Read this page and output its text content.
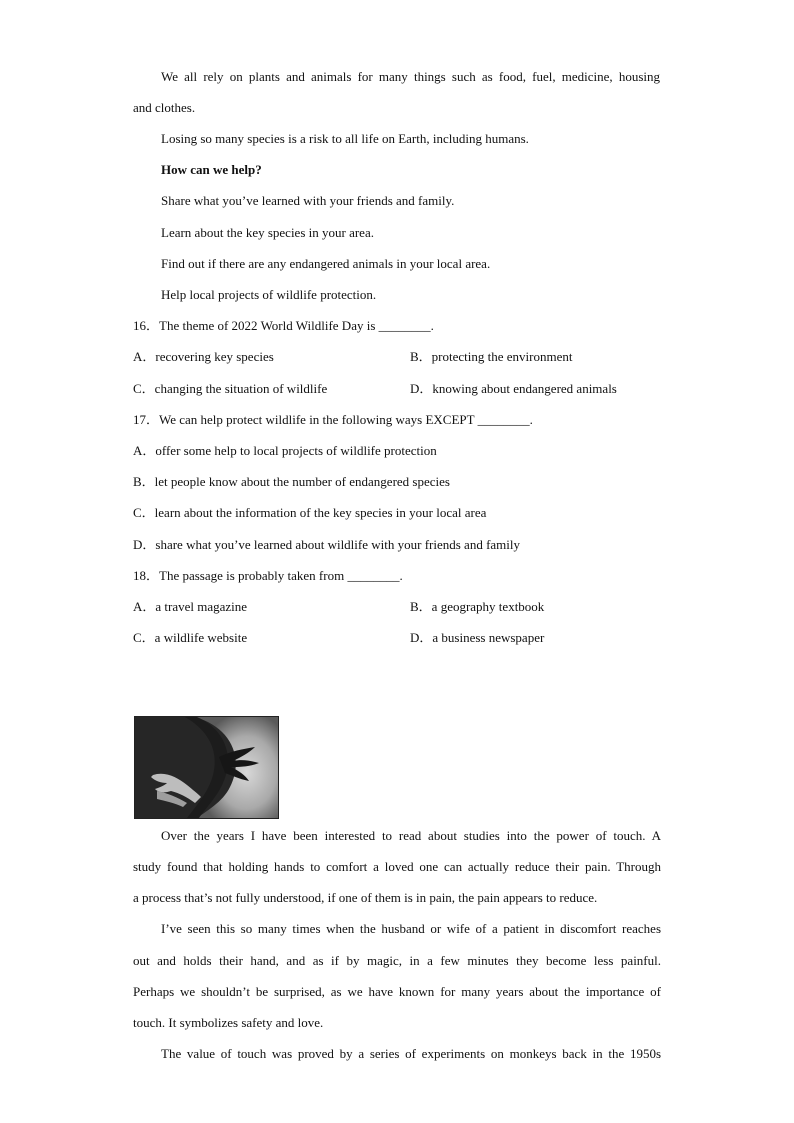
We all rely on plants and animals for many things such as food, fuel, medicine, housing
and clothes.
Losing so many species is a risk to all life on Earth, including humans.
How can we help?
Share what you’ve learned with your friends and family.
Learn about the key species in your area.
Find out if there are any endangered animals in your local area.
Help local projects of wildlife protection.
16．The theme of 2022 World Wildlife Day is ________.
A．recovering key species	B．protecting the environment
C．changing the situation of wildlife	D．knowing about endangered animals
17．We can help protect wildlife in the following ways EXCEPT ________.
A．offer some help to local projects of wildlife protection
B．let people know about the number of endangered species
C．learn about the information of the key species in your local area
D．share what you’ve learned about wildlife with your friends and family
18．The passage is probably taken from ________.
A．a travel magazine	B．a geography textbook
C．a wildlife website	D．a business newspaper
Over the years I have been interested to read about studies into the power of touch. A
study found that holding hands to comfort a loved one can actually reduce their pain. Through
a process that’s not fully understood, if one of them is in pain, the pain appears to reduce.
I’ve seen this so many times when the husband or wife of a patient in discomfort reaches
out and holds their hand, and as if by magic, in a few minutes they become less painful.
Perhaps we shouldn’t be surprised, as we have known for many years about the importance of
touch. It symbolizes safety and love.
The value of touch was proved by a series of experiments on monkeys back in the 1950s
